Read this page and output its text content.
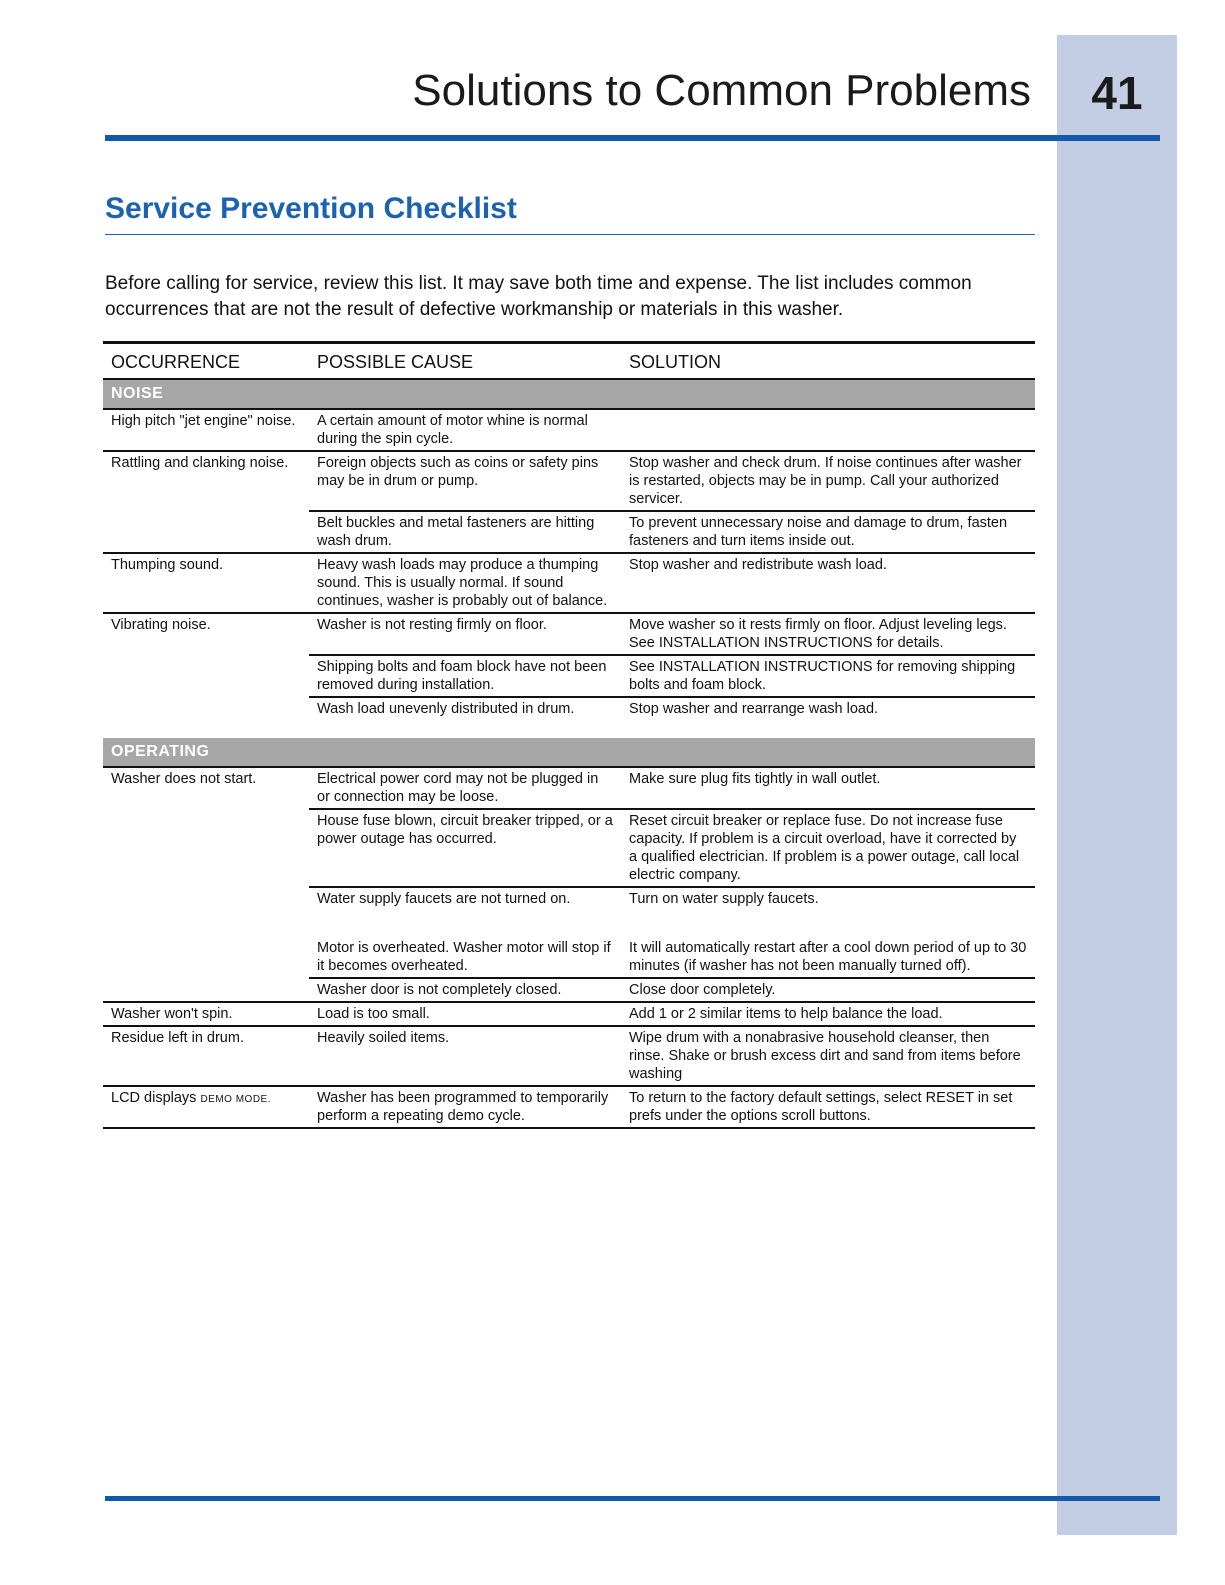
41
Solutions to Common Problems
Service Prevention Checklist
Before calling for service, review this list. It may save both time and expense. The list includes common occurrences that are not the result of defective workmanship or materials in this washer.
OCCURRENCE	POSSIBLE CAUSE	SOLUTION
NOISE		
High pitch "jet engine" noise.	A certain amount of motor whine is normal during the spin cycle.	
Rattling and clanking noise.	Foreign objects such as coins or safety pins may be in drum or pump.	Stop washer and check drum. If noise continues after washer is restarted, objects may be in pump. Call your authorized servicer.
	Belt buckles and metal fasteners are hitting wash drum.	To prevent unnecessary noise and damage to drum, fasten fasteners and turn items inside out.
Thumping sound.	Heavy wash loads may produce a thumping sound. This is usually normal. If sound continues, washer is probably out of balance.	Stop washer and redistribute wash load.
Vibrating noise.	Washer is not resting firmly on floor.	Move washer so it rests firmly on floor. Adjust leveling legs. See INSTALLATION INSTRUCTIONS for details.
	Shipping bolts and foam block have not been removed during installation.	See INSTALLATION INSTRUCTIONS for removing shipping bolts and foam block.
	Wash load unevenly distributed in drum.	Stop washer and rearrange wash load.

OPERATING		
Washer does not start.	Electrical power cord may not be plugged in or connection may be loose.	Make sure plug fits tightly in wall outlet.
	House fuse blown, circuit breaker tripped, or a power outage has occurred.	Reset circuit breaker or replace fuse. Do not increase fuse capacity. If problem is a circuit overload, have it corrected by a qualified electrician. If problem is a power outage, call local electric company.
	Water supply faucets are not turned on.	Turn on water supply faucets.
	Motor is overheated. Washer motor will stop if it becomes overheated.	It will automatically restart after a cool down period of up to 30 minutes (if washer has not been manually turned off).
	Washer door is not completely closed.	Close door completely.
Washer won't spin.	Load is too small.	Add 1 or 2 similar items to help balance the load.
Residue left in drum.	Heavily soiled items.	Wipe drum with a nonabrasive household cleanser, then rinse. Shake or brush excess dirt and sand from items before washing
LCD displays DEMO MODE.	Washer has been programmed to temporarily perform a repeating demo cycle.	To return to the factory default settings, select RESET in set prefs under the options scroll buttons.
